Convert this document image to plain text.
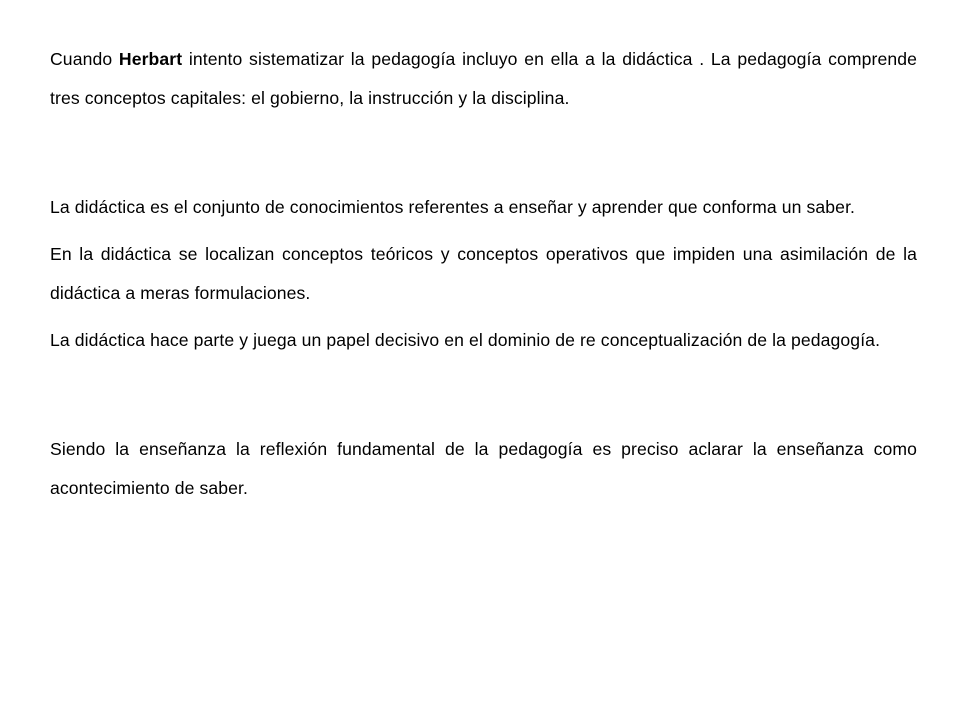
Cuando Herbart intento sistematizar la pedagogía incluyo en ella a la didáctica . La pedagogía comprende tres conceptos capitales: el gobierno, la instrucción y la disciplina.

La didáctica es el conjunto de conocimientos referentes a enseñar y aprender que conforma un saber.

En la didáctica se localizan conceptos teóricos y conceptos operativos que impiden una asimilación de la didáctica a meras formulaciones.

La didáctica hace parte y juega un papel decisivo en el dominio de re conceptualización de la pedagogía.

Siendo la enseñanza la reflexión fundamental de la pedagogía es preciso aclarar la enseñanza como acontecimiento de saber.
